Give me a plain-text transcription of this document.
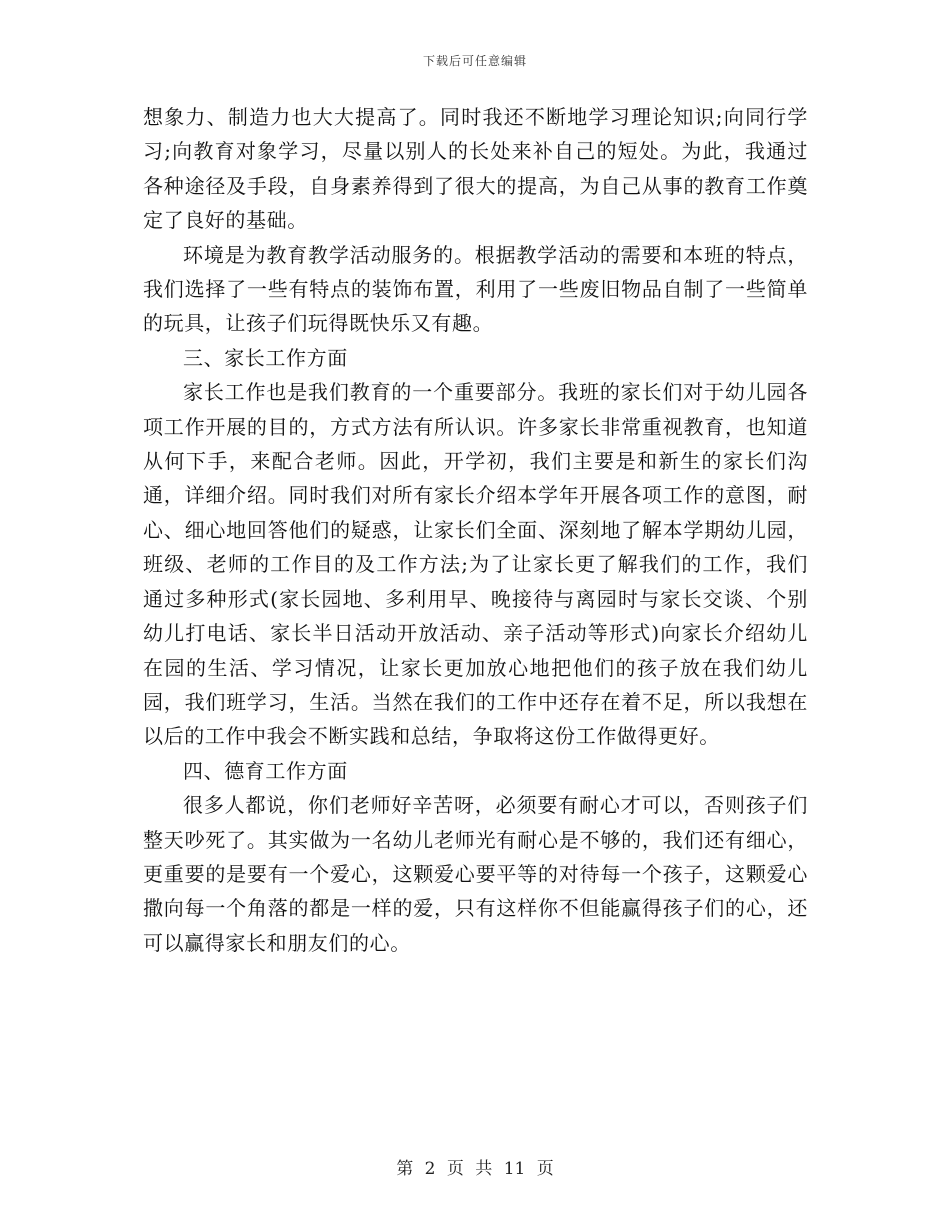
下载后可任意编辑

想象力、制造力也大大提高了。同时我还不断地学习理论知识;向同行学习;向教育对象学习，尽量以别人的长处来补自己的短处。为此，我通过各种途径及手段，自身素养得到了很大的提高，为自己从事的教育工作奠定了良好的基础。

环境是为教育教学活动服务的。根据教学活动的需要和本班的特点，我们选择了一些有特点的装饰布置，利用了一些废旧物品自制了一些简单的玩具，让孩子们玩得既快乐又有趣。

三、家长工作方面

家长工作也是我们教育的一个重要部分。我班的家长们对于幼儿园各项工作开展的目的，方式方法有所认识。许多家长非常重视教育，也知道从何下手，来配合老师。因此，开学初，我们主要是和新生的家长们沟通，详细介绍。同时我们对所有家长介绍本学年开展各项工作的意图，耐心、细心地回答他们的疑惑，让家长们全面、深刻地了解本学期幼儿园，班级、老师的工作目的及工作方法;为了让家长更了解我们的工作，我们通过多种形式(家长园地、多利用早、晚接待与离园时与家长交谈、个别幼儿打电话、家长半日活动开放活动、亲子活动等形式)向家长介绍幼儿在园的生活、学习情况，让家长更加放心地把他们的孩子放在我们幼儿园，我们班学习，生活。当然在我们的工作中还存在着不足，所以我想在以后的工作中我会不断实践和总结，争取将这份工作做得更好。

四、德育工作方面

很多人都说，你们老师好辛苦呀，必须要有耐心才可以，否则孩子们整天吵死了。其实做为一名幼儿老师光有耐心是不够的，我们还有细心，更重要的是要有一个爱心，这颗爱心要平等的对待每一个孩子，这颗爱心撒向每一个角落的都是一样的爱，只有这样你不但能赢得孩子们的心，还可以赢得家长和朋友们的心。

第 2 页 共 11 页
